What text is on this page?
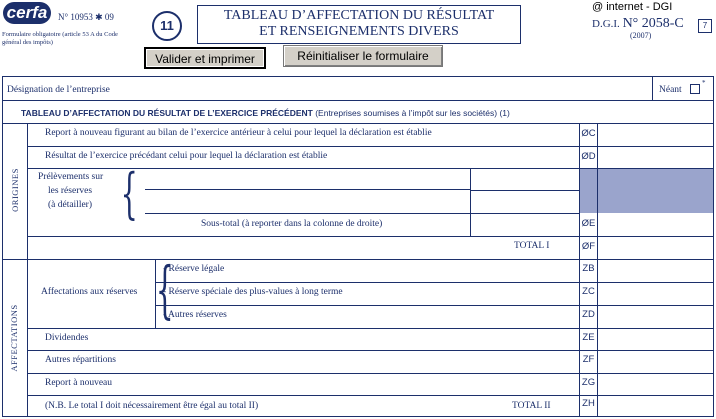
cerfa	N° 10953 ✱ 09
Formulaire obligatoire (article 53 A du Code général des impôts)
11
TABLEAU D’AFFECTATION DU RÉSULTAT
ET RENSEIGNEMENTS DIVERS
@ internet - DGI
D.G.I. N° 2058-C	7
(2007)
Valider et imprimer	Réinitialiser le formulaire
Désignation de l’entreprise	Néant
*
TABLEAU D’AFFECTATION DU RÉSULTAT DE L’EXERCICE PRÉCÉDENT (Entreprises soumises à l’impôt sur les sociétés) (1)
ORIGINES
AFFECTATIONS
Report à nouveau figurant au bilan de l’exercice antérieur à celui pour lequel la déclaration est établie	ØC
Résultat de l’exercice précédant celui pour lequel la déclaration est établie	ØD
Prélèvements sur
les réserves
(à détailler) {	Sous-total (à reporter dans la colonne de droite)	ØE
TOTAL I	ØF
Affectations aux réserves {
- Réserve légale	ZB
- Réserve spéciale des plus-values à long terme	ZC
- Autres réserves	ZD
Dividendes	ZE
Autres répartitions	ZF
Report à nouveau	ZG
(N.B. Le total I doit nécessairement être égal au total II)	TOTAL II	ZH
